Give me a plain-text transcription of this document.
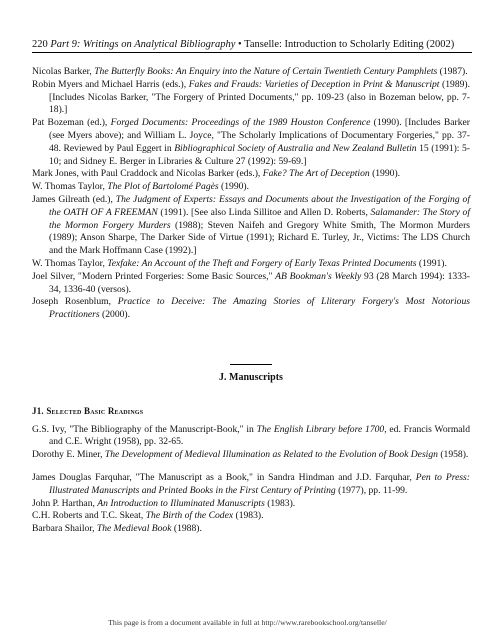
220 Part 9: Writings on Analytical Bibliography • Tanselle: Introduction to Scholarly Editing (2002)

Nicolas Barker, The Butterfly Books: An Enquiry into the Nature of Certain Twentieth Century Pamphlets (1987).

Robin Myers and Michael Harris (eds.), Fakes and Frauds: Varieties of Deception in Print & Manuscript (1989). [Includes Nicolas Barker, "The Forgery of Printed Documents," pp. 109-23 (also in Bozeman below, pp. 7-18).]

Pat Bozeman (ed.), Forged Documents: Proceedings of the 1989 Houston Conference (1990). [Includes Barker (see Myers above); and William L. Joyce, "The Scholarly Implications of Documentary Forgeries," pp. 37-48. Reviewed by Paul Eggert in Bibliographical Society of Australia and New Zealand Bulletin 15 (1991): 5-10; and Sidney E. Berger in Libraries & Culture 27 (1992): 59-69.]

Mark Jones, with Paul Craddock and Nicolas Barker (eds.), Fake? The Art of Deception (1990).

W. Thomas Taylor, The Plot of Bartolomé Pagès (1990).

James Gilreath (ed.), The Judgment of Experts: Essays and Documents about the Investigation of the Forging of the OATH OF A FREEMAN (1991). [See also Linda Sillitoe and Allen D. Roberts, Salamander: The Story of the Mormon Forgery Murders (1988); Steven Naifeh and Gregory White Smith, The Mormon Murders (1989); Anson Sharpe, The Darker Side of Virtue (1991); Richard E. Turley, Jr., Victims: The LDS Church and the Mark Hoffmann Case (1992).]

W. Thomas Taylor, Texfake: An Account of the Theft and Forgery of Early Texas Printed Documents (1991).

Joel Silver, "Modern Printed Forgeries: Some Basic Sources," AB Bookman's Weekly 93 (28 March 1994): 1333-34, 1336-40 (versos).

Joseph Rosenblum, Practice to Deceive: The Amazing Stories of Lliterary Forgery's Most Notorious Practitioners (2000).

J. Manuscripts

J1. Selected Basic Readings

G.S. Ivy, "The Bibliography of the Manuscript-Book," in The English Library before 1700, ed. Francis Wormald and C.E. Wright (1958), pp. 32-65.

Dorothy E. Miner, The Development of Medieval Illumination as Related to the Evolution of Book Design (1958).

James Douglas Farquhar, "The Manuscript as a Book," in Sandra Hindman and J.D. Farquhar, Pen to Press: Illustrated Manuscripts and Printed Books in the First Century of Printing (1977), pp. 11-99.

John P. Harthan, An Introduction to Illuminated Manuscripts (1983).

C.H. Roberts and T.C. Skeat, The Birth of the Codex (1983).

Barbara Shailor, The Medieval Book (1988).

This page is from a document available in full at http://www.rarebookschool.org/tanselle/
